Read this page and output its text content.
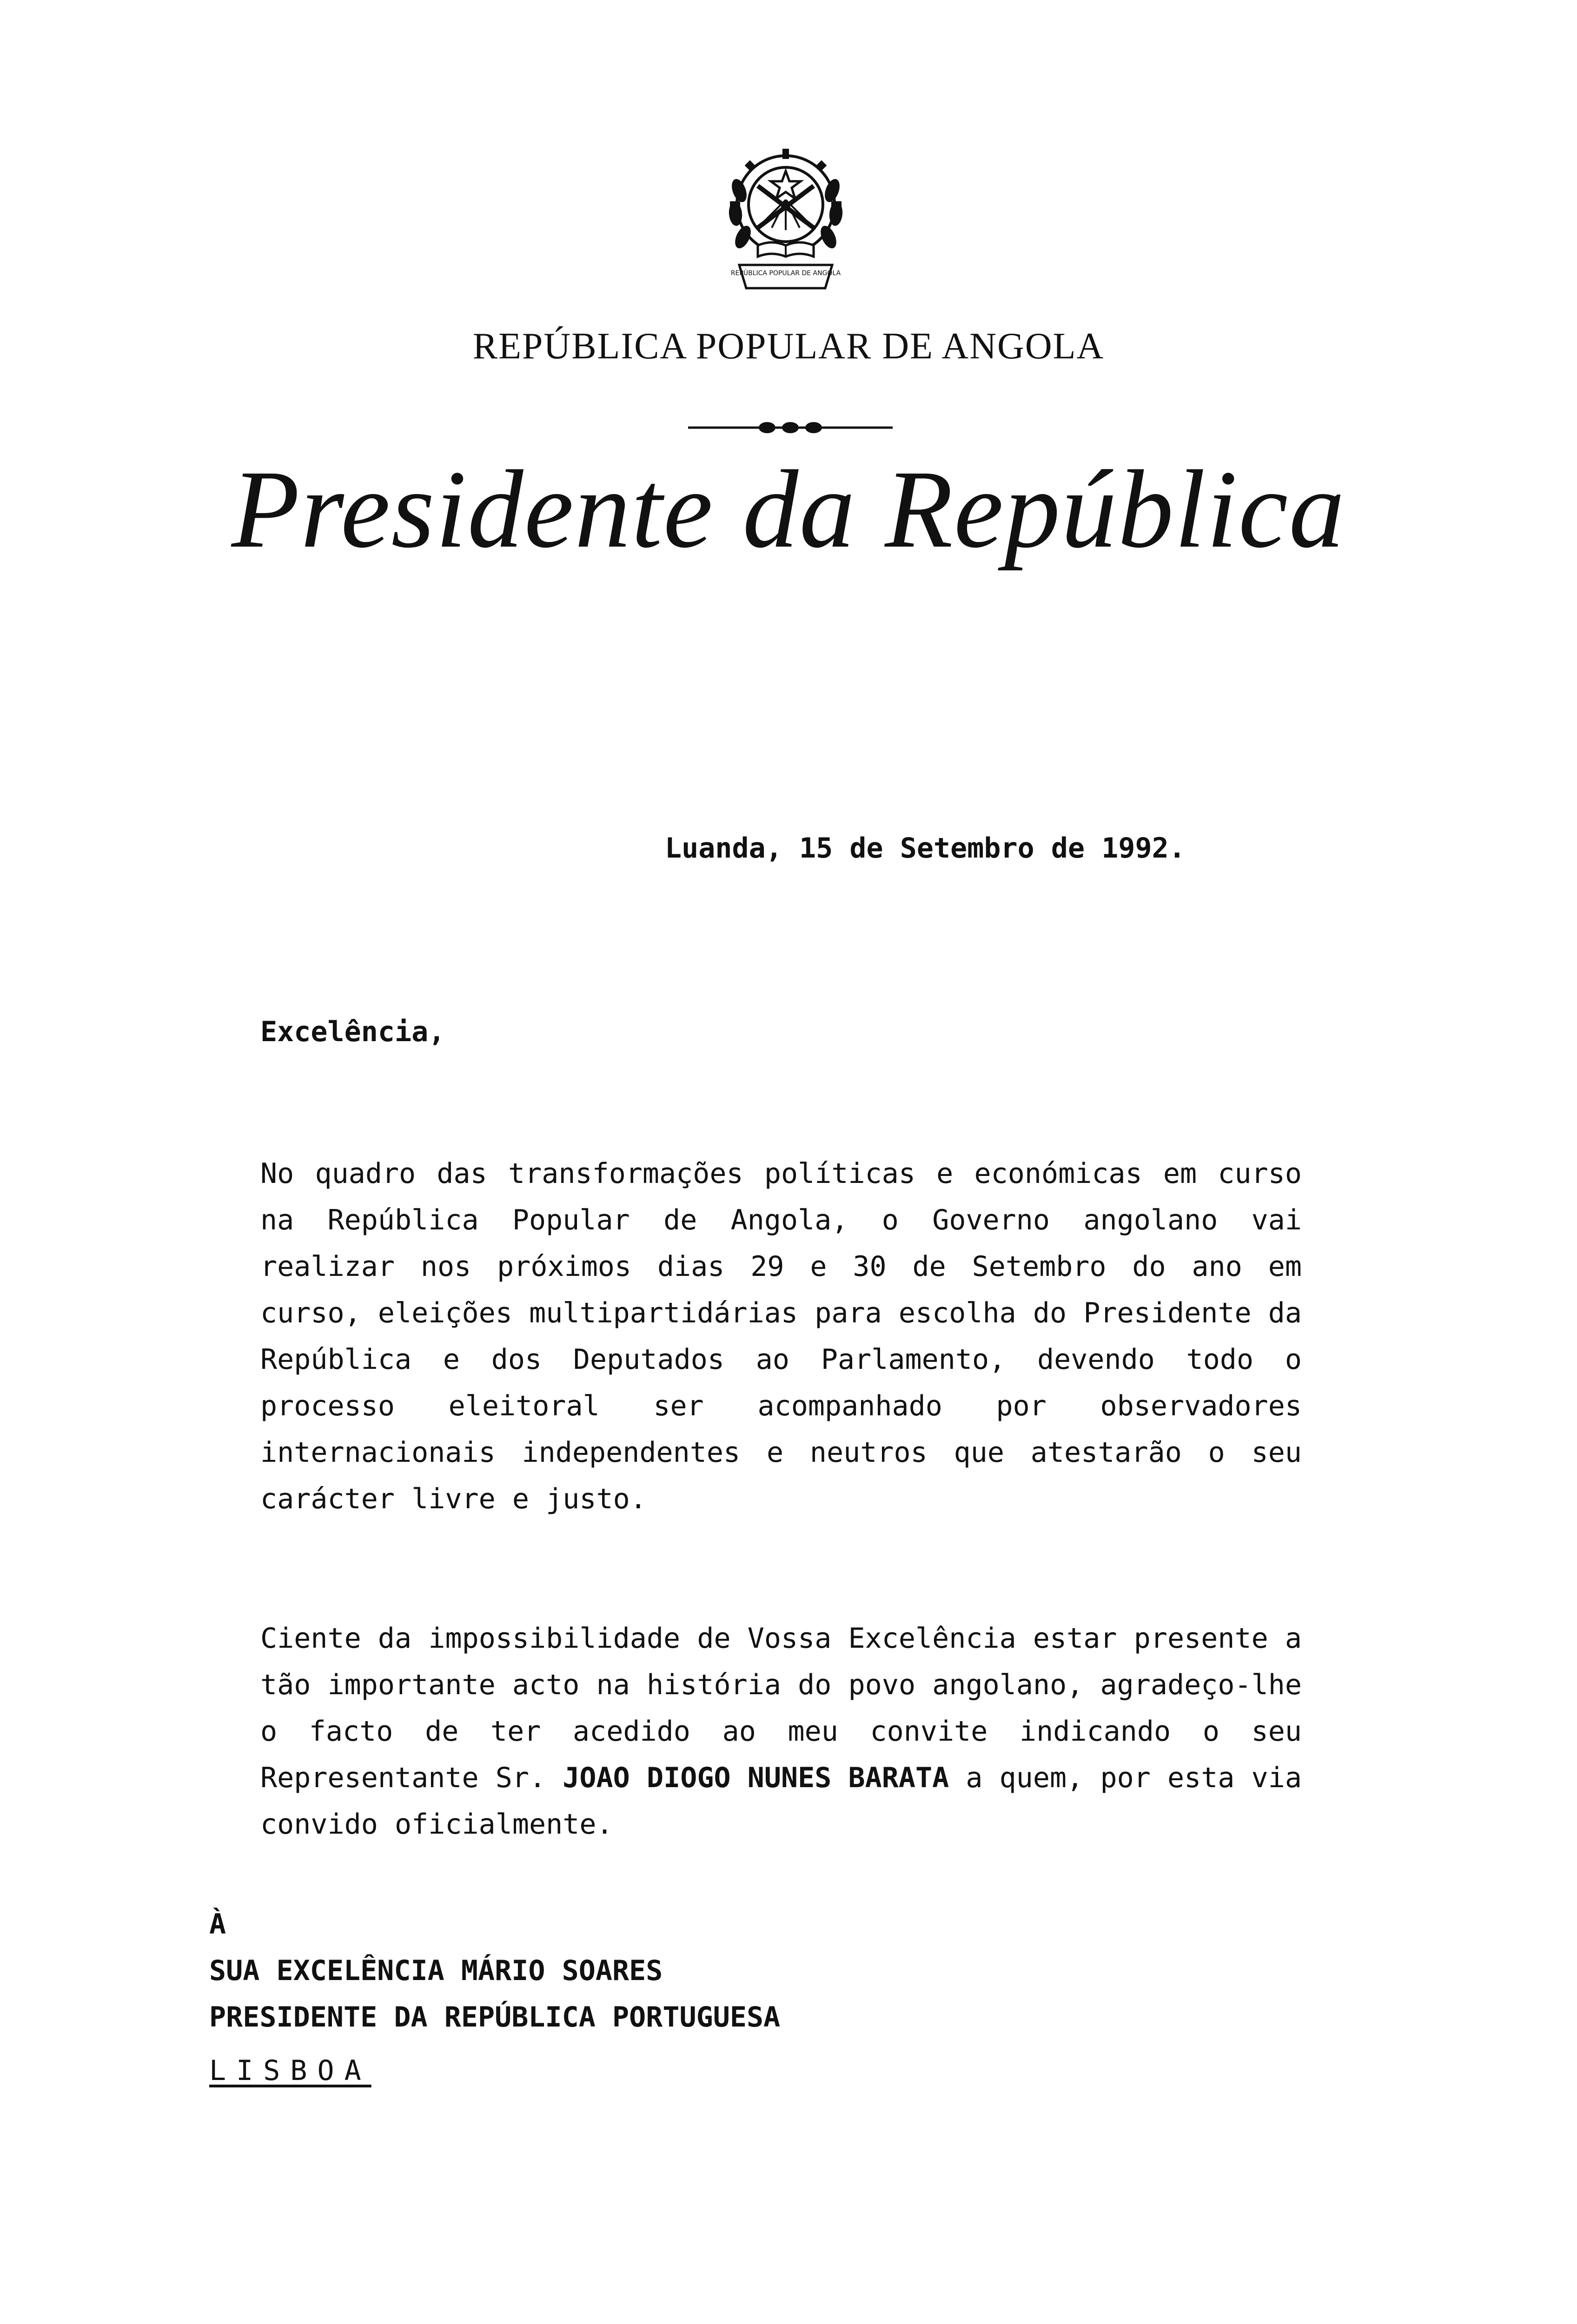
REPÚBLICA POPULAR DE ANGOLA
REPÚBLICA POPULAR DE ANGOLA
Presidente da República
Luanda, 15 de Setembro de 1992.
Excelência,
No quadro das transformações políticas e económicas em curso na República Popular de Angola, o Governo angolano vai realizar nos próximos dias 29 e 30 de Setembro do ano em curso, eleições multipartidárias para escolha do Presidente da República e dos Deputados ao Parlamento, devendo todo o processo eleitoral ser acompanhado por observadores internacionais independentes e neutros que atestarão o seu carácter livre e justo.
Ciente da impossibilidade de Vossa Excelência estar presente a tão importante acto na história do povo angolano, agradeço-lhe o facto de ter acedido ao meu convite indicando o seu Representante Sr. JOAO DIOGO NUNES BARATA a quem, por esta via convido oficialmente.
À
SUA EXCELÊNCIA MÁRIO SOARES
PRESIDENTE DA REPÚBLICA PORTUGUESA
LISBOA
